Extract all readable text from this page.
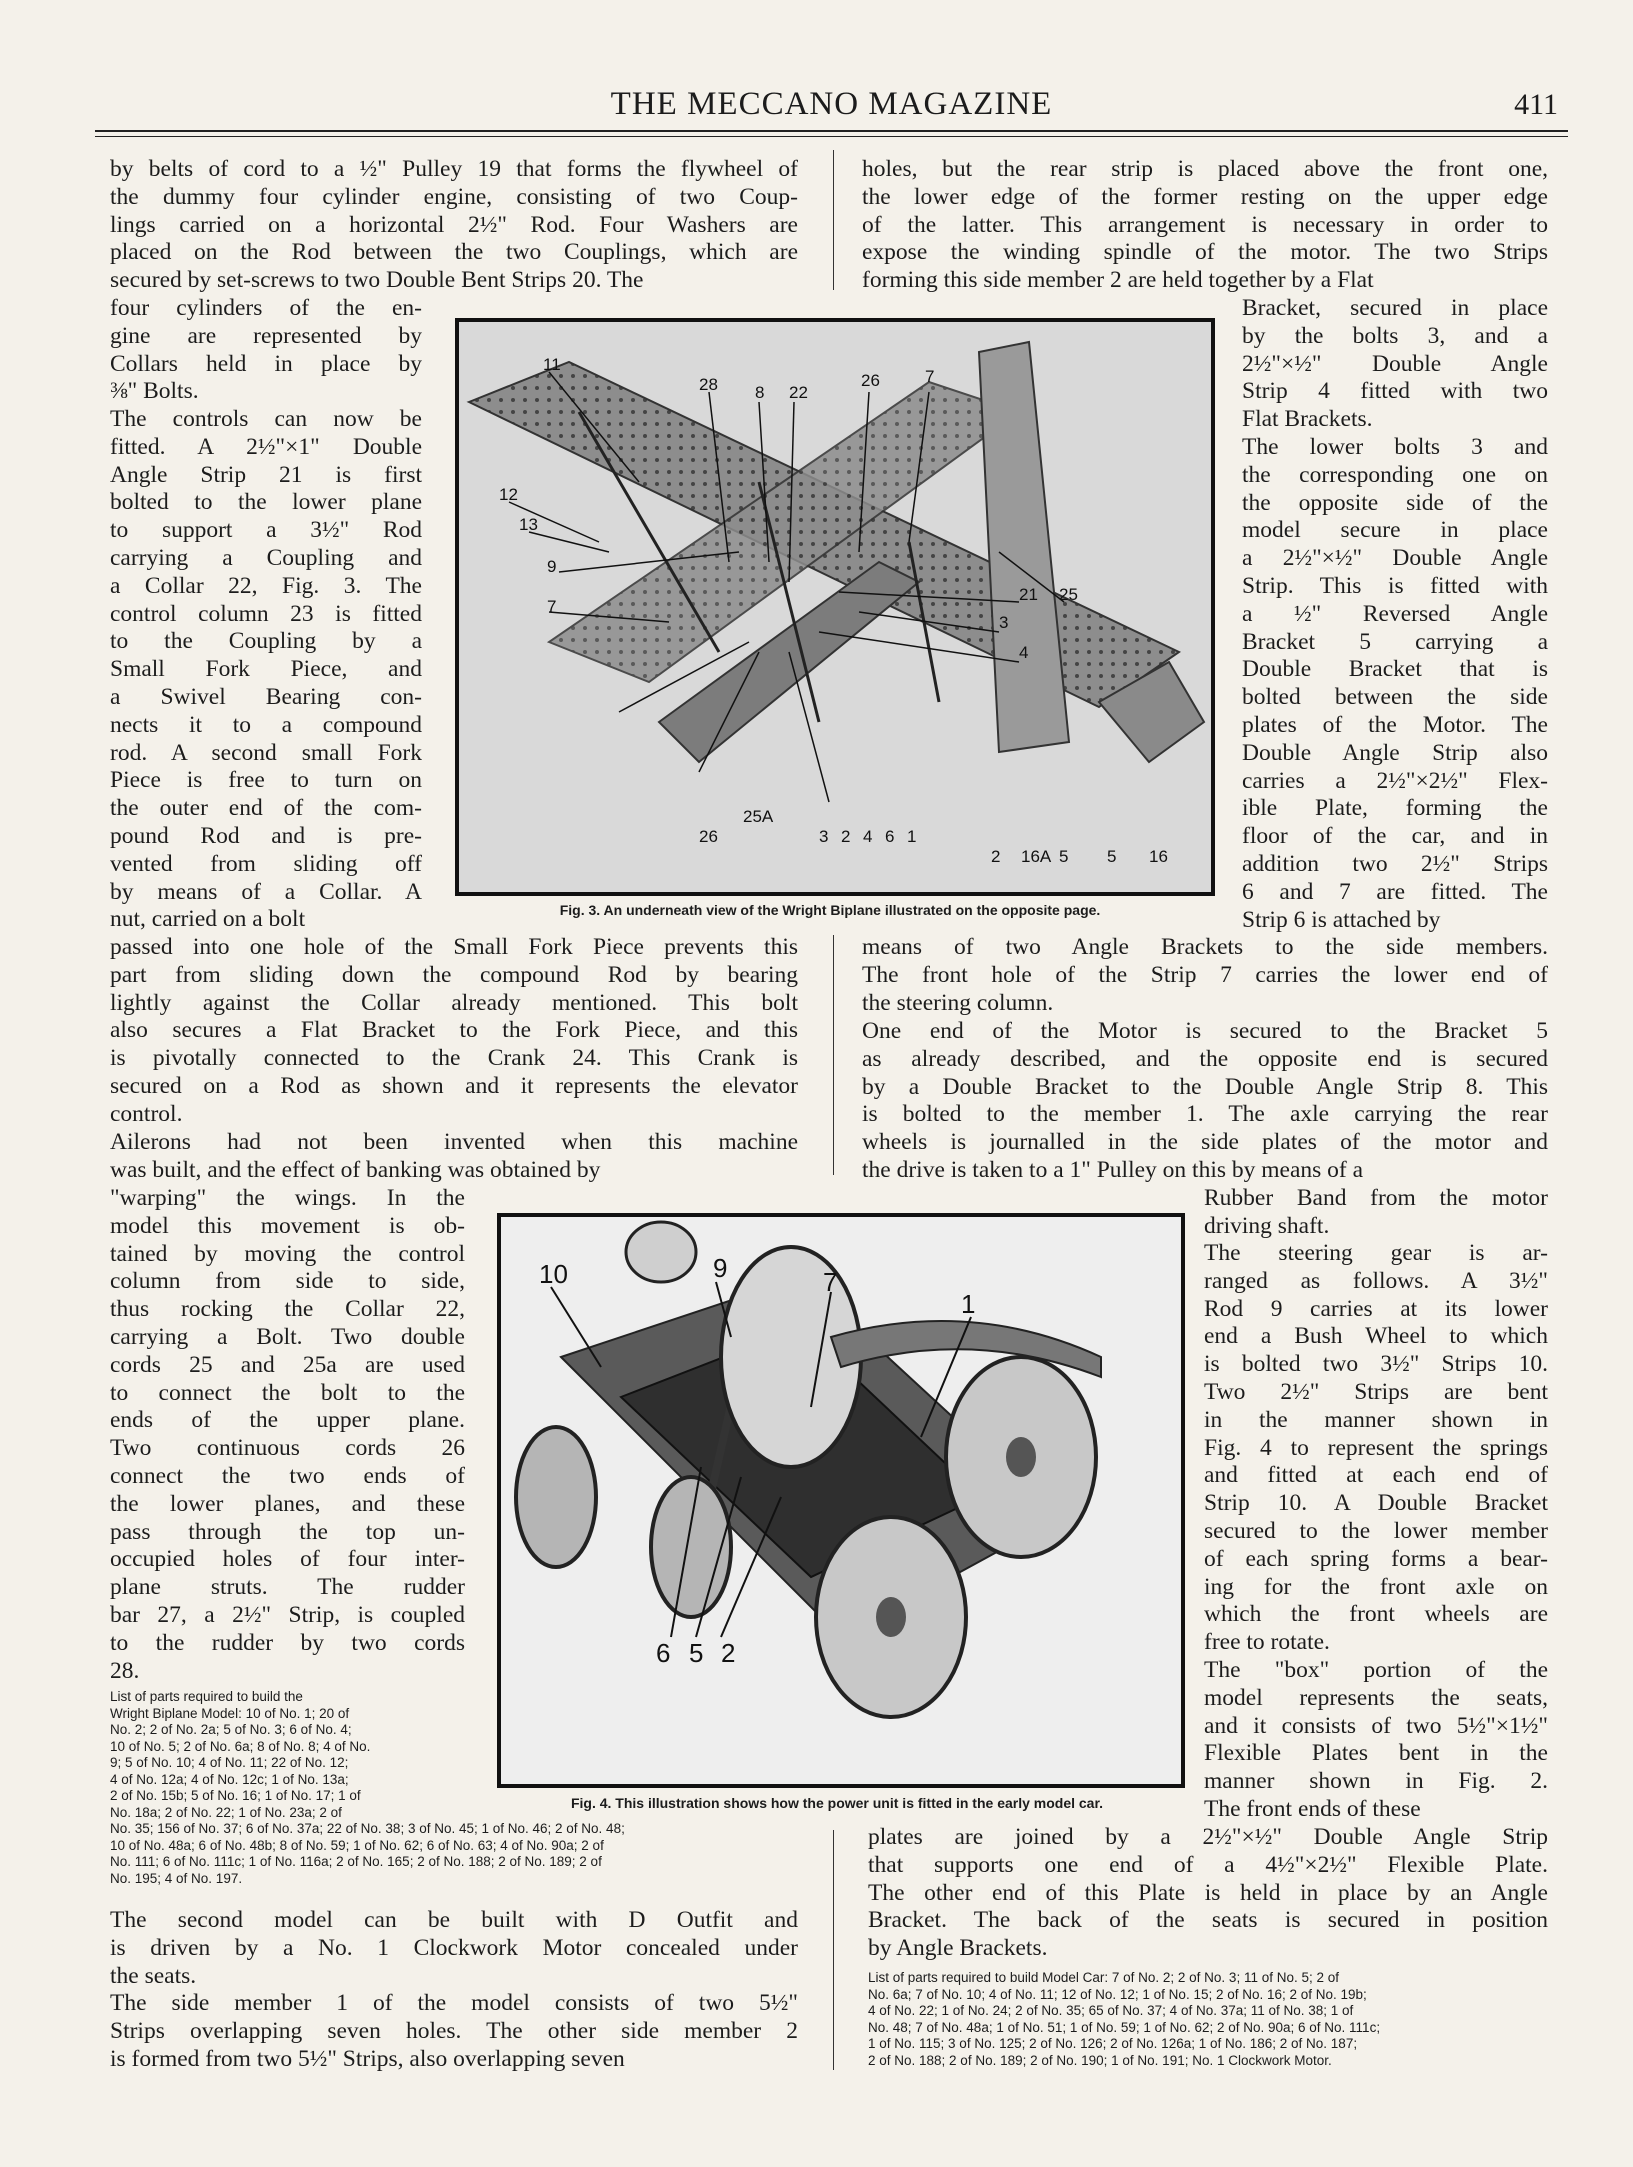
THE MECCANO MAGAZINE	411
by belts of cord to a ½" Pulley 19 that forms the flywheel of
the dummy four cylinder engine, consisting of two Coup-
lings carried on a horizontal 2½" Rod. Four Washers are
placed on the Rod between the two Couplings, which are
secured by set-screws to two Double Bent Strips 20. The
four cylinders of the en-
gine are represented by
Collars held in place by
⅜" Bolts.
The controls can now be
fitted. A 2½"×1" Double
Angle Strip 21 is first
bolted to the lower plane
to support a 3½" Rod
carrying a Coupling and
a Collar 22, Fig. 3. The
control column 23 is fitted
to the Coupling by a
Small Fork Piece, and
a Swivel Bearing con-
nects it to a compound
rod. A second small Fork
Piece is free to turn on
the outer end of the com-
pound Rod and is pre-
vented from sliding off
by means of a Collar. A
nut, carried on a bolt
passed into one hole of the Small Fork Piece prevents this
part from sliding down the compound Rod by bearing
lightly against the Collar already mentioned. This bolt
also secures a Flat Bracket to the Fork Piece, and this
is pivotally connected to the Crank 24. This Crank is
secured on a Rod as shown and it represents the elevator
control.
Ailerons had not been invented when this machine
was built, and the effect of banking was obtained by
"warping" the wings. In the
model this movement is ob-
tained by moving the control
column from side to side,
thus rocking the Collar 22,
carrying a Bolt. Two double
cords 25 and 25a are used
to connect the bolt to the
ends of the upper plane.
Two continuous cords 26
connect the two ends of
the lower planes, and these
pass through the top un-
occupied holes of four inter-
plane struts. The rudder
bar 27, a 2½" Strip, is coupled
to the rudder by two cords
28.
List of parts required to build the
Wright Biplane Model: 10 of No. 1; 20 of
No. 2; 2 of No. 2a; 5 of No. 3; 6 of No. 4;
10 of No. 5; 2 of No. 6a; 8 of No. 8; 4 of No.
9; 5 of No. 10; 4 of No. 11; 22 of No. 12;
4 of No. 12a; 4 of No. 12c; 1 of No. 13a;
2 of No. 15b; 5 of No. 16; 1 of No. 17; 1 of
No. 18a; 2 of No. 22; 1 of No. 23a; 2 of
No. 35; 156 of No. 37; 6 of No. 37a; 22 of No. 38; 3 of No. 45; 1 of No. 46; 2 of No. 48;
10 of No. 48a; 6 of No. 48b; 8 of No. 59; 1 of No. 62; 6 of No. 63; 4 of No. 90a; 2 of
No. 111; 6 of No. 111c; 1 of No. 116a; 2 of No. 165; 2 of No. 188; 2 of No. 189; 2 of
No. 195; 4 of No. 197.
The second model can be built with D Outfit and
is driven by a No. 1 Clockwork Motor concealed under
the seats.
The side member 1 of the model consists of two 5½"
Strips overlapping seven holes. The other side member 2
is formed from two 5½" Strips, also overlapping seven
holes, but the rear strip is placed above the front one,
the lower edge of the former resting on the upper edge
of the latter. This arrangement is necessary in order to
expose the winding spindle of the motor. The two Strips
forming this side member 2 are held together by a Flat
Bracket, secured in place
by the bolts 3, and a
2½"×½" Double Angle
Strip 4 fitted with two
Flat Brackets.
The lower bolts 3 and
the corresponding one on
the opposite side of the
model secure in place
a 2½"×½" Double Angle
Strip. This is fitted with
a ½" Reversed Angle
Bracket 5 carrying a
Double Bracket that is
bolted between the side
plates of the Motor. The
Double Angle Strip also
carries a 2½"×2½" Flex-
ible Plate, forming the
floor of the car, and in
addition two 2½" Strips
6 and 7 are fitted. The
Strip 6 is attached by
means of two Angle Brackets to the side members.
The front hole of the Strip 7 carries the lower end of
the steering column.
One end of the Motor is secured to the Bracket 5
as already described, and the opposite end is secured
by a Double Bracket to the Double Angle Strip 8. This
is bolted to the member 1. The axle carrying the rear
wheels is journalled in the side plates of the motor and
the drive is taken to a 1" Pulley on this by means of a
Rubber Band from the motor
driving shaft.
The steering gear is ar-
ranged as follows. A 3½"
Rod 9 carries at its lower
end a Bush Wheel to which
is bolted two 3½" Strips 10.
Two 2½" Strips are bent
in the manner shown in
Fig. 4 to represent the springs
and fitted at each end of
Strip 10. A Double Bracket
secured to the lower member
of each spring forms a bear-
ing for the front axle on
which the front wheels are
free to rotate.
The "box" portion of the
model represents the seats,
and it consists of two 5½"×1½"
Flexible Plates bent in the
manner shown in Fig. 2.
The front ends of these
plates are joined by a 2½"×½" Double Angle Strip
that supports one end of a 4½"×2½" Flexible Plate.
The other end of this Plate is held in place by an Angle
Bracket. The back of the seats is secured in position
by Angle Brackets.
List of parts required to build Model Car: 7 of No. 2; 2 of No. 3; 11 of No. 5; 2 of
No. 6a; 7 of No. 10; 4 of No. 11; 12 of No. 12; 1 of No. 15; 2 of No. 16; 2 of No. 19b;
4 of No. 22; 1 of No. 24; 2 of No. 35; 65 of No. 37; 4 of No. 37a; 11 of No. 38; 1 of
No. 48; 7 of No. 48a; 1 of No. 51; 1 of No. 59; 1 of No. 62; 2 of No. 90a; 6 of No. 111c;
1 of No. 115; 3 of No. 125; 2 of No. 126; 2 of No. 126a; 1 of No. 186; 2 of No. 187;
2 of No. 188; 2 of No. 189; 2 of No. 190; 1 of No. 191; No. 1 Clockwork Motor.
11
28 8 22
26	7
12
13
9
7
21 25
3
4
3 2 4 6 1
25A
26
2 16A 5 5 16
Fig. 3. An underneath view of the Wright Biplane illustrated on the opposite page.
10	9	7
1
6 5 2
Fig. 4. This illustration shows how the power unit is fitted in the early model car.
